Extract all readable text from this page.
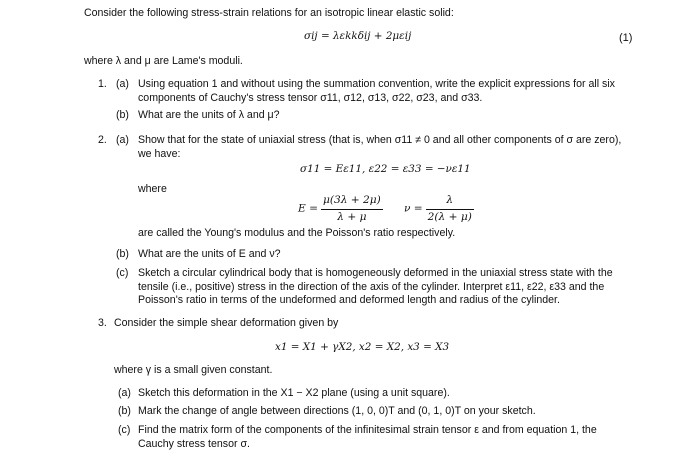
Consider the following stress-strain relations for an isotropic linear elastic solid:
σij = λεkkδij + 2μεij	(1)
where λ and μ are Lame's moduli.
1. (a) Using equation 1 and without using the summation convention, write the explicit expressions for all six components of Cauchy's stress tensor σ11, σ12, σ13, σ22, σ23, and σ33.
(b) What are the units of λ and μ?
2. (a) Show that for the state of uniaxial stress (that is, when σ11 ≠ 0 and all other components of σ are zero), we have:
σ11 = Eε11, ε22 = ε33 = −νε11
where
$E = \frac{\mu(3\lambda + 2\mu)}{\lambda + \mu}$ $\nu = \frac{\lambda}{2(\lambda + \mu)}$
are called the Young's modulus and the Poisson's ratio respectively.
(b) What are the units of E and ν?
(c) Sketch a circular cylindrical body that is homogeneously deformed in the uniaxial stress state with the tensile (i.e., positive) stress in the direction of the axis of the cylinder. Interpret ε11, ε22, ε33 and the Poisson's ratio in terms of the undeformed and deformed length and radius of the cylinder.
3. Consider the simple shear deformation given by
x1 = X1 + γX2, x2 = X2, x3 = X3
where γ is a small given constant.
(a) Sketch this deformation in the X1 − X2 plane (using a unit square).
(b) Mark the change of angle between directions (1, 0, 0)T and (0, 1, 0)T on your sketch.
(c) Find the matrix form of the components of the infinitesimal strain tensor ε and from equation 1, the Cauchy stress tensor σ.
